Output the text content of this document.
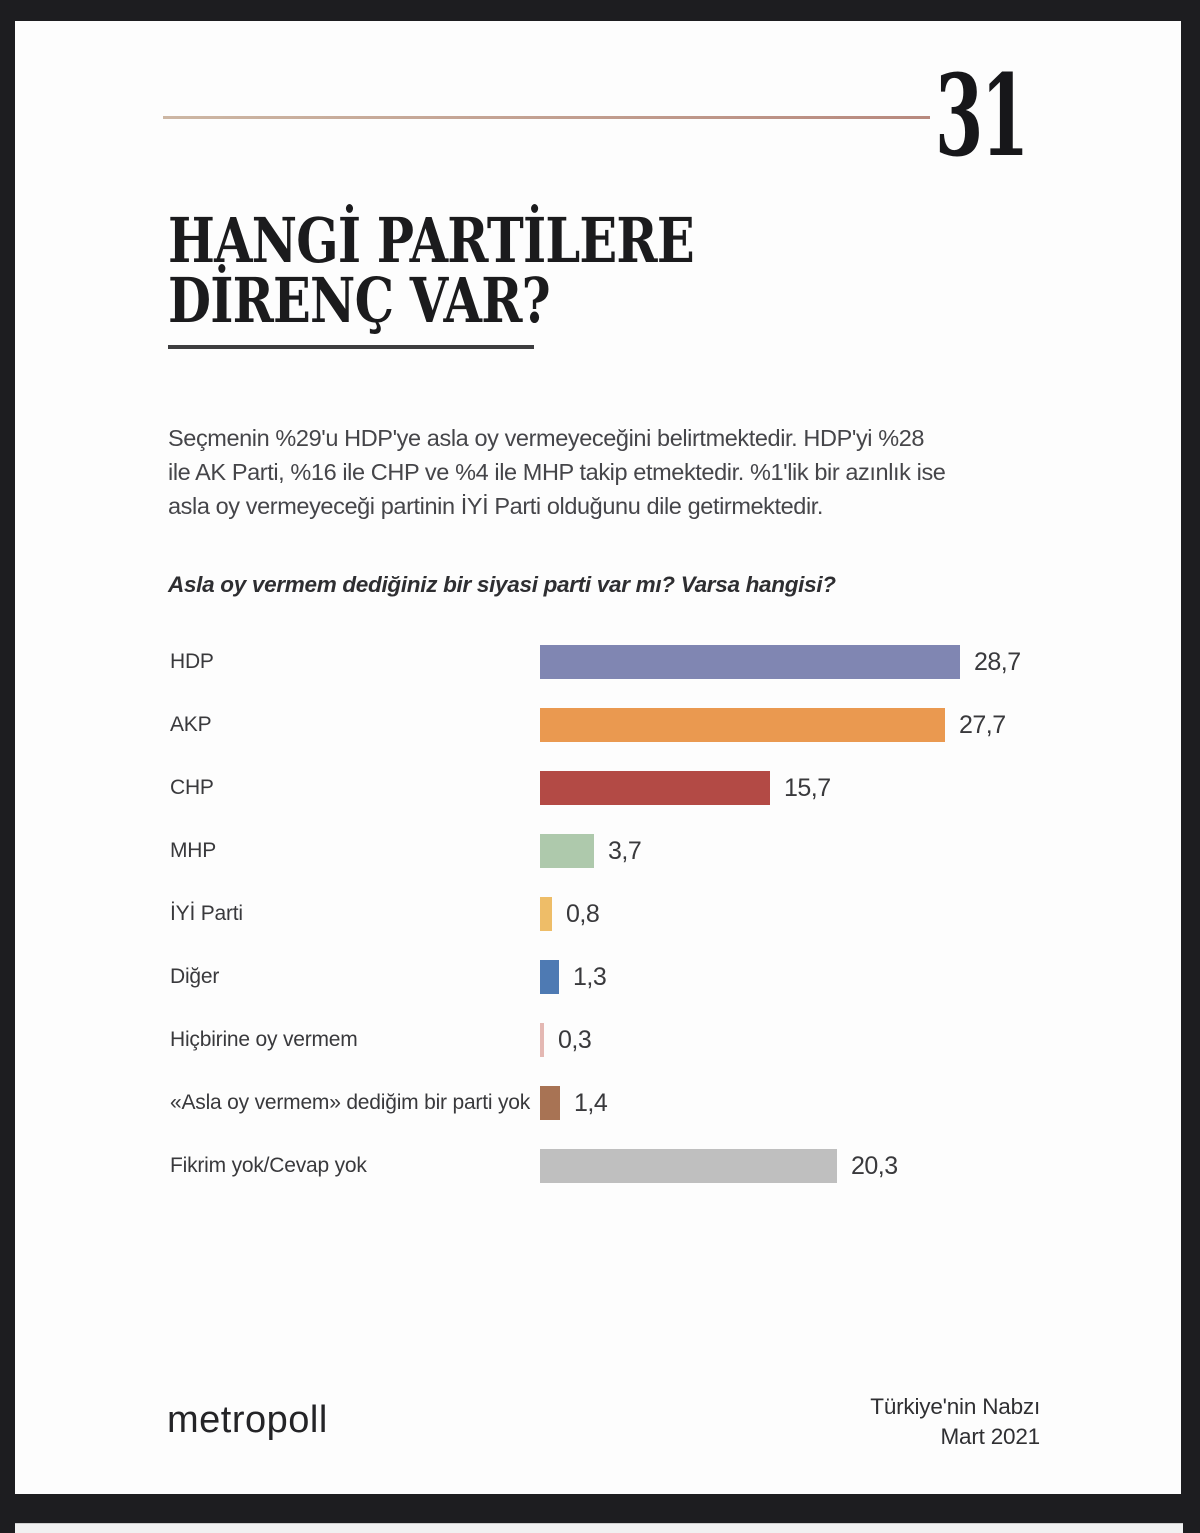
31
HANGİ PARTİLERE
DİRENÇ VAR?
Seçmenin %29'u HDP'ye asla oy vermeyeceğini belirtmektedir. HDP'yi %28
ile AK Parti, %16 ile CHP ve %4 ile MHP takip etmektedir. %1'lik bir azınlık ise
asla oy vermeyeceği partinin İYİ Parti olduğunu dile getirmektedir.
Asla oy vermem dediğiniz bir siyasi parti var mı? Varsa hangisi?
HDP	28,7
AKP	27,7
CHP	15,7
MHP	3,7
İYİ Parti	0,8
Diğer	1,3
Hiçbirine oy vermem	0,3
«Asla oy vermem» dediğim bir parti yok 1,4
Fikrim yok/Cevap yok	20,3
metropoll	Türkiye'nin Nabzı
Mart 2021
